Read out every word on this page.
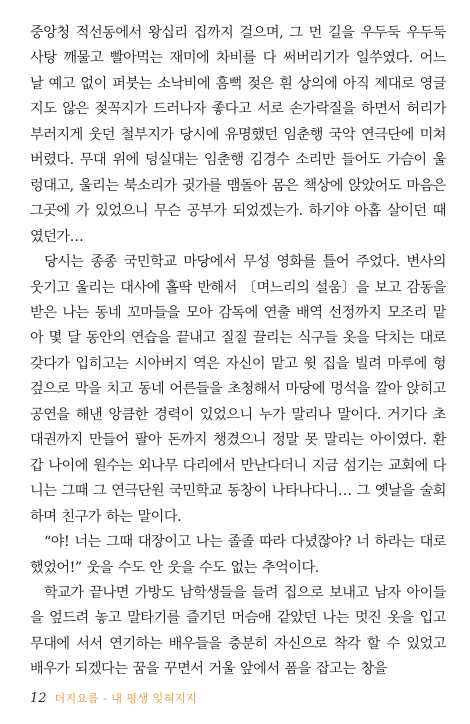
중앙청 적선동에서 왕십리 집까지 걸으며, 그 먼 길을 우두둑 우두둑 사탕 깨물고 빨아먹는 재미에 차비를 다 써버리기가 일쑤였다. 어느 날 예고 없이 퍼붓는 소낙비에 흠뻑 젖은 흰 상의에 아직 제대로 영글지도 않은 젖꼭지가 드러나자 좋다고 서로 손가락질을 하면서 허리가 부러지게 웃던 철부지가 당시에 유명했던 임춘행 국악 연극단에 미쳐버렸다. 무대 위에 덩실대는 임춘행 김경수 소리만 들어도 가슴이 울렁대고, 울리는 북소리가 귓가를 맴돌아 몸은 책상에 앉았어도 마음은 그곳에 가 있었으니 무슨 공부가 되었겠는가. 하기야 아홉 살이던 때였던가…

당시는 종종 국민학교 마당에서 무성 영화를 틀어 주었다. 변사의 웃기고 울리는 대사에 홀딱 반해서 〔며느리의 설움〕을 보고 감동을 받은 나는 동네 꼬마들을 모아 감독에 연출 배역 선정까지 모조리 맡아 몇 달 동안의 연습을 끝내고 질질 끌리는 식구들 옷을 닥치는 대로 갖다가 입히고는 시아버지 역은 자신이 맡고 윗 집을 빌려 마루에 헝겊으로 막을 치고 동네 어른들을 초청해서 마당에 멍석을 깔아 앉히고 공연을 해낸 앙큼한 경력이 있었으니 누가 말리나 말이다. 거기다 초대권까지 만들어 팔아 돈까지 챙겼으니 정말 못 말리는 아이였다. 환갑 나이에 원수는 외나무 다리에서 만난다더니 지금 섬기는 교회에 다니는 그때 그 연극단원 국민학교 동창이 나타나다니… 그 옛날을 술회하며 친구가 하는 말이다.

“야! 너는 그때 대장이고 나는 졸졸 따라 다녔잖아? 너 하라는 대로 했었어!” 웃을 수도 안 웃을 수도 없는 추억이다.

학교가 끝나면 가방도 남학생들을 들려 집으로 보내고 남자 아이들을 엎드려 놓고 말타기를 즐기던 머슴애 같았던 나는 멋진 옷을 입고 무대에 서서 연기하는 배우들을 충분히 자신으로 착각 할 수 있었고 배우가 되겠다는 꿈을 꾸면서 거울 앞에서 폼을 잡고는 창을

12 더지요름 - 내 평생 잊혀지지
